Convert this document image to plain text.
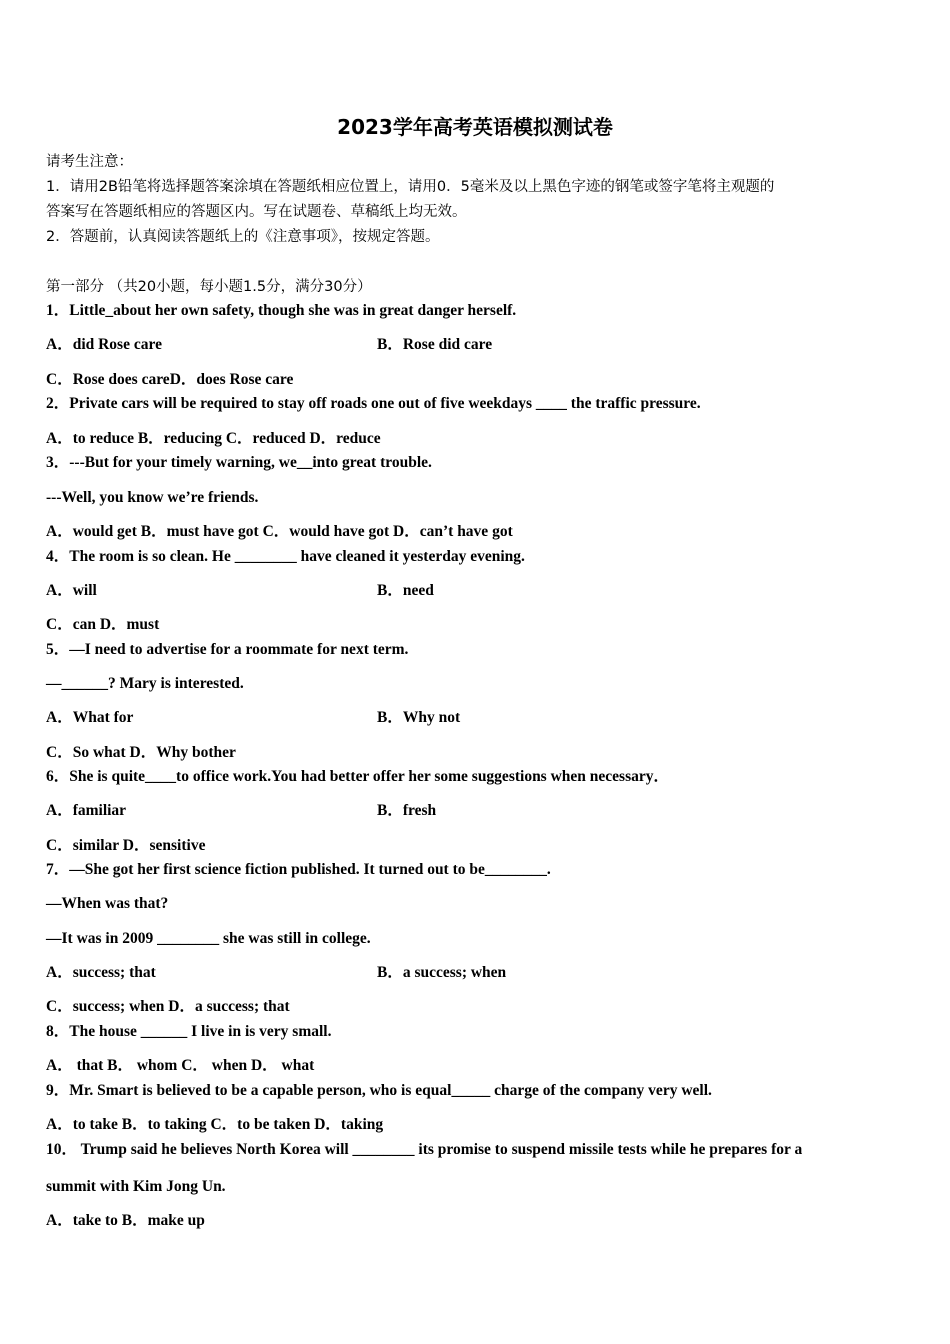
2023学年高考英语模拟测试卷
请考生注意：
1．请用2B铅笔将选择题答案涂填在答题纸相应位置上，请用0．5毫米及以上黑色字迹的钢笔或签字笔将主观题的
答案写在答题纸相应的答题区内。写在试题卷、草稿纸上均无效。
2．答题前，认真阅读答题纸上的《注意事项》，按规定答题。
第一部分 （共20小题，每小题1.5分，满分30分）
1．Little_about her own safety, though she was in great danger herself.
A．did Rose care	B．Rose did care
C．Rose does careD．does Rose care
2．Private cars will be required to stay off roads one out of five weekdays ____ the traffic pressure.
A．to reduce B．reducing C．reduced D．reduce
3．---But for your timely warning, we__into great trouble.
---Well, you know we’re friends.
A．would get B．must have got C．would have got D．can’t have got
4．The room is so clean. He ________ have cleaned it yesterday evening.
A．will	B．need
C．can D．must
5．—I need to advertise for a roommate for next term.
—______? Mary is interested.
A．What for	B．Why not
C．So what D．Why bother
6．She is quite____to office work.You had better offer her some suggestions when necessary．
A．familiar	B．fresh
C．similar D．sensitive
7．—She got her first science fiction published. It turned out to be________.
—When was that?
—It was in 2009 ________ she was still in college.
A．success; that	B．a success; when
C．success; when D．a success; that
8．The house ______ I live in is very small.
A． that B． whom C． when D． what
9．Mr. Smart is believed to be a capable person, who is equal_____ charge of the company very well.
A．to take B．to taking C．to be taken D．taking
10． Trump said he believes North Korea will ________ its promise to suspend missile tests while he prepares for a
summit with Kim Jong Un.
A．take to B．make up
